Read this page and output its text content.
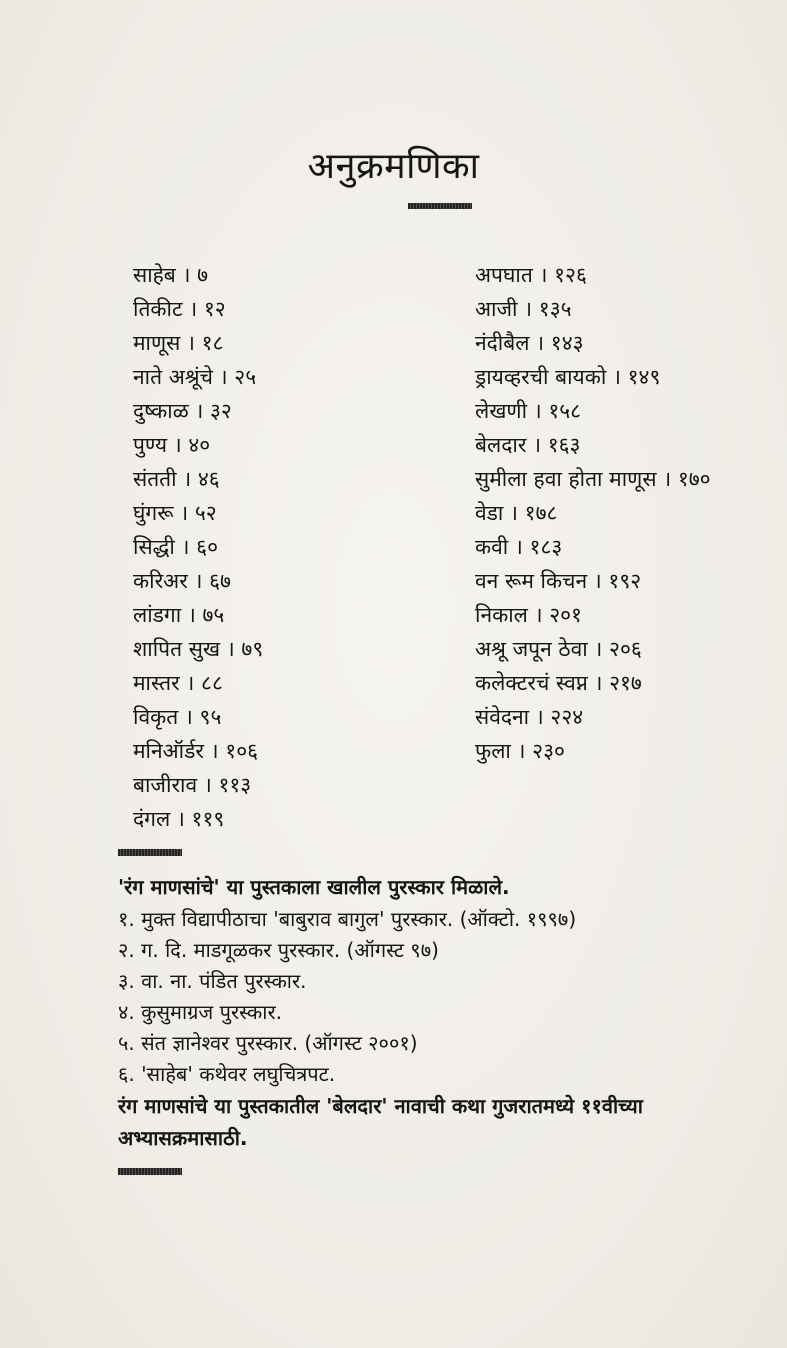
अनुक्रमणिका
साहेब । ७
तिकीट । १२
माणूस । १८
नाते अश्रूंचे । २५
दुष्काळ । ३२
पुण्य । ४०
संतती । ४६
घुंगरू । ५२
सिद्धी । ६०
करिअर । ६७
लांडगा । ७५
शापित सुख । ७९
मास्तर । ८८
विकृत । ९५
मनिऑर्डर । १०६
बाजीराव । ११३
दंगल । ११९
अपघात । १२६
आजी । १३५
नंदीबैल । १४३
ड्रायव्हरची बायको । १४९
लेखणी । १५८
बेलदार । १६३
सुमीला हवा होता माणूस । १७०
वेडा । १७८
कवी । १८३
वन रूम किचन । १९२
निकाल । २०१
अश्रू जपून ठेवा । २०६
कलेक्टरचं स्वप्न । २१७
संवेदना । २२४
फुला । २३०
'रंग माणसांचे' या पुस्तकाला खालील पुरस्कार मिळाले.
१. मुक्त विद्यापीठाचा 'बाबुराव बागुल' पुरस्कार. (ऑक्टो. १९९७)
२. ग. दि. माडगूळकर पुरस्कार. (ऑगस्ट ९७)
३. वा. ना. पंडित पुरस्कार.
४. कुसुमाग्रज पुरस्कार.
५. संत ज्ञानेश्वर पुरस्कार. (ऑगस्ट २००१)
६. 'साहेब' कथेवर लघुचित्रपट.
रंग माणसांचे या पुस्तकातील 'बेलदार' नावाची कथा गुजरातमध्ये ११वीच्या अभ्यासक्रमासाठी.
